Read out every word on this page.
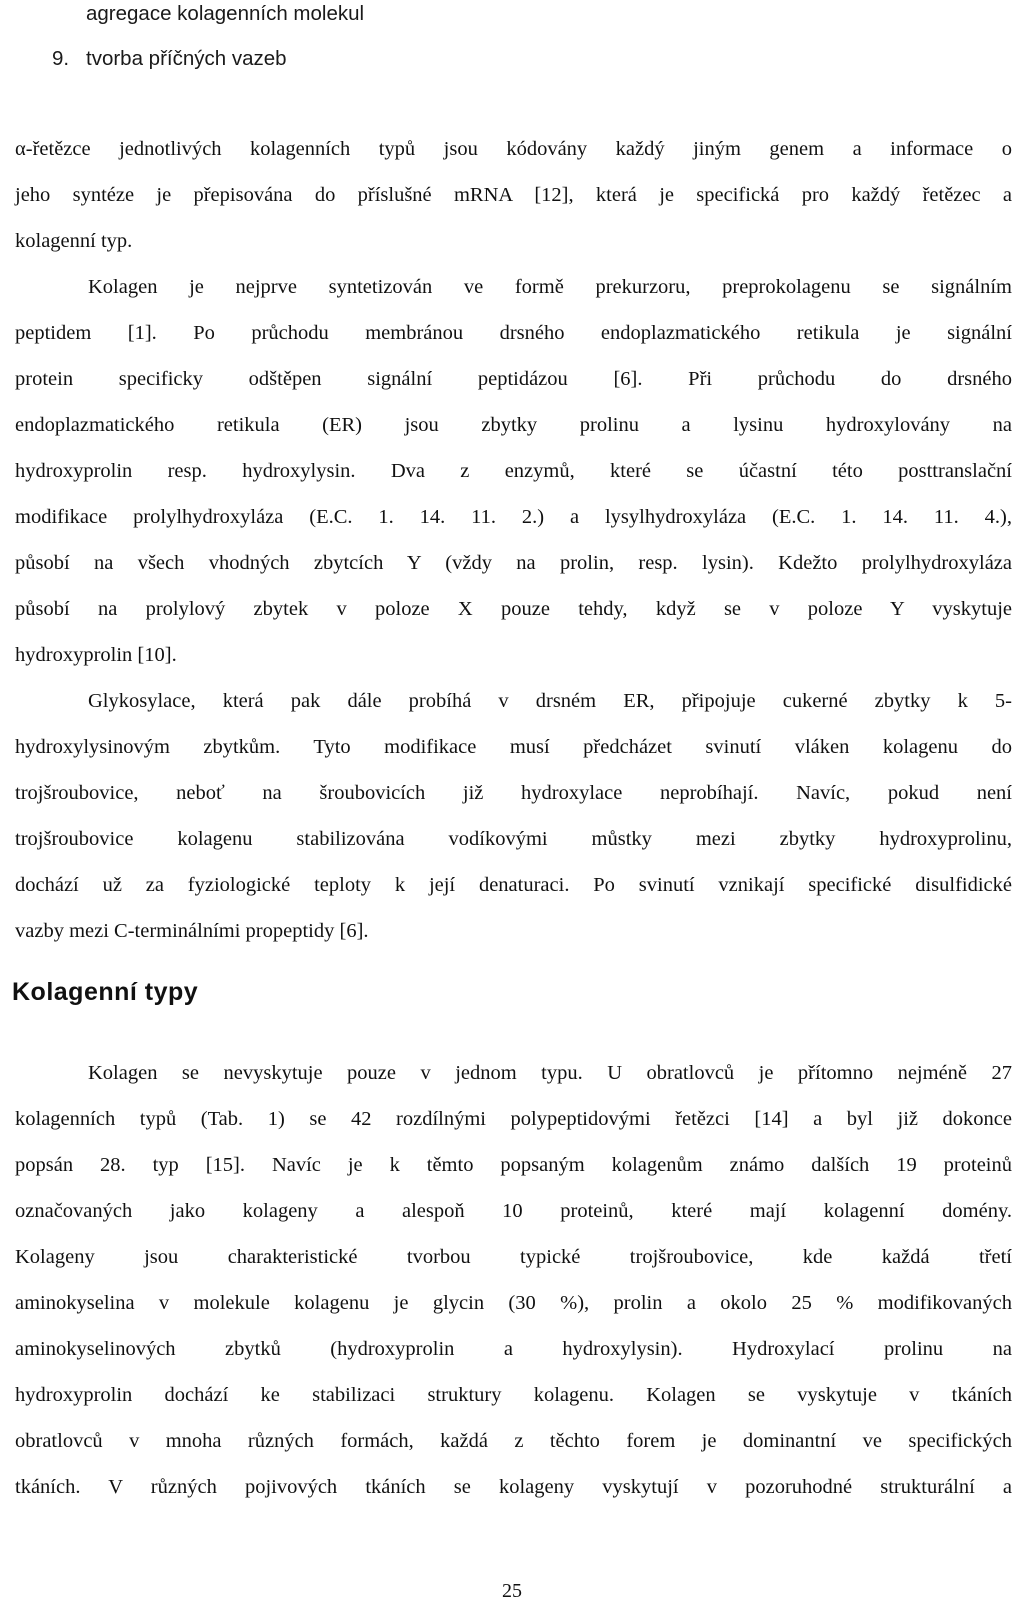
agregace kolagenních molekul
9. tvorba příčných vazeb
α-řetězce jednotlivých kolagenních typů jsou kódovány každý jiným genem a informace o
jeho syntéze je přepisována do příslušné mRNA [12], která je specifická pro každý řetězec a
kolagenní typ.
Kolagen je nejprve syntetizován ve formě prekurzoru, preprokolagenu se signálním
peptidem [1]. Po průchodu membránou drsného endoplazmatického retikula je signální
protein specificky odštěpen signální peptidázou [6]. Při průchodu do drsného
endoplazmatického retikula (ER) jsou zbytky prolinu a lysinu hydroxylovány na
hydroxyprolin resp. hydroxylysin. Dva z enzymů, které se účastní této posttranslační
modifikace prolylhydroxyláza (E.C. 1. 14. 11. 2.) a lysylhydroxyláza (E.C. 1. 14. 11. 4.),
působí na všech vhodných zbytcích Y (vždy na prolin, resp. lysin). Kdežto prolylhydroxyláza
působí na prolylový zbytek v poloze X pouze tehdy, když se v poloze Y vyskytuje
hydroxyprolin [10].
Glykosylace, která pak dále probíhá v drsném ER, připojuje cukerné zbytky k 5-
hydroxylysinovým zbytkům. Tyto modifikace musí předcházet svinutí vláken kolagenu do
trojšroubovice, neboť na šroubovicích již hydroxylace neprobíhají. Navíc, pokud není
trojšroubovice kolagenu stabilizována vodíkovými můstky mezi zbytky hydroxyprolinu,
dochází už za fyziologické teploty k její denaturaci. Po svinutí vznikají specifické disulfidické
vazby mezi C-terminálními propeptidy [6].
Kolagenní typy
Kolagen se nevyskytuje pouze v jednom typu. U obratlovců je přítomno nejméně 27
kolagenních typů (Tab. 1) se 42 rozdílnými polypeptidovými řetězci [14] a byl již dokonce
popsán 28. typ [15]. Navíc je k těmto popsaným kolagenům známo dalších 19 proteinů
označovaných jako kolageny a alespoň 10 proteinů, které mají kolagenní domény.
Kolageny jsou charakteristické tvorbou typické trojšroubovice, kde každá třetí
aminokyselina v molekule kolagenu je glycin (30 %), prolin a okolo 25 % modifikovaných
aminokyselinových zbytků (hydroxyprolin a hydroxylysin). Hydroxylací prolinu na
hydroxyprolin dochází ke stabilizaci struktury kolagenu. Kolagen se vyskytuje v tkáních
obratlovců v mnoha různých formách, každá z těchto forem je dominantní ve specifických
tkáních. V různých pojivových tkáních se kolageny vyskytují v pozoruhodné strukturální a
25
